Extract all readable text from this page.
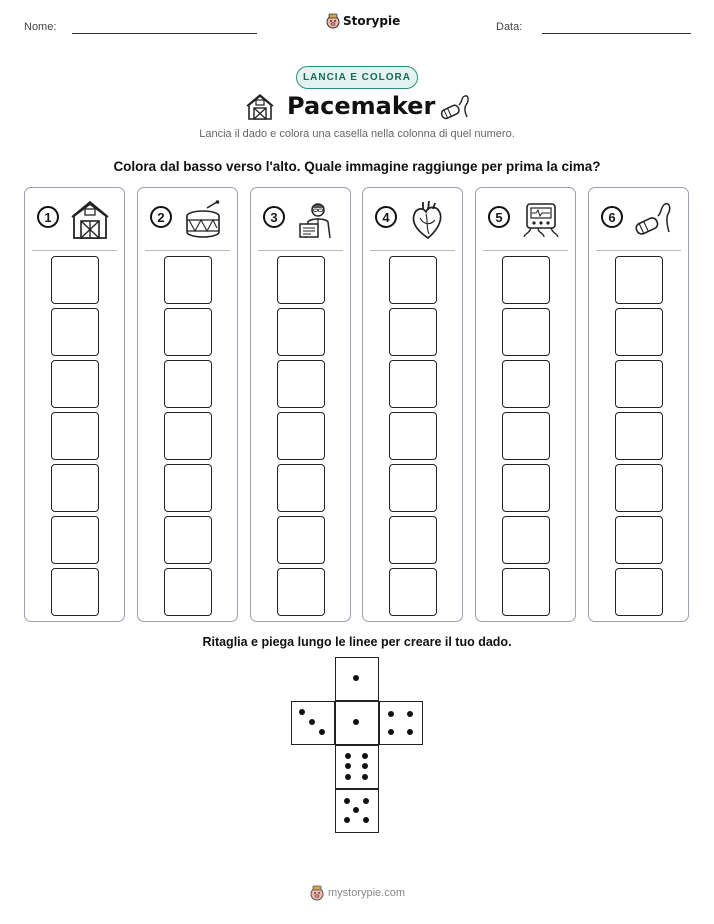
Nome:	Storypie	Data:
LANCIA E COLORA
Pacemaker
Lancia il dado e colora una casella nella colonna di quel numero.
Colora dal basso verso l'alto. Quale immagine raggiunge per prima la cima?
1	2	3	4	5	6
Ritaglia e piega lungo le linee per creare il tuo dado.
mystorypie.com
